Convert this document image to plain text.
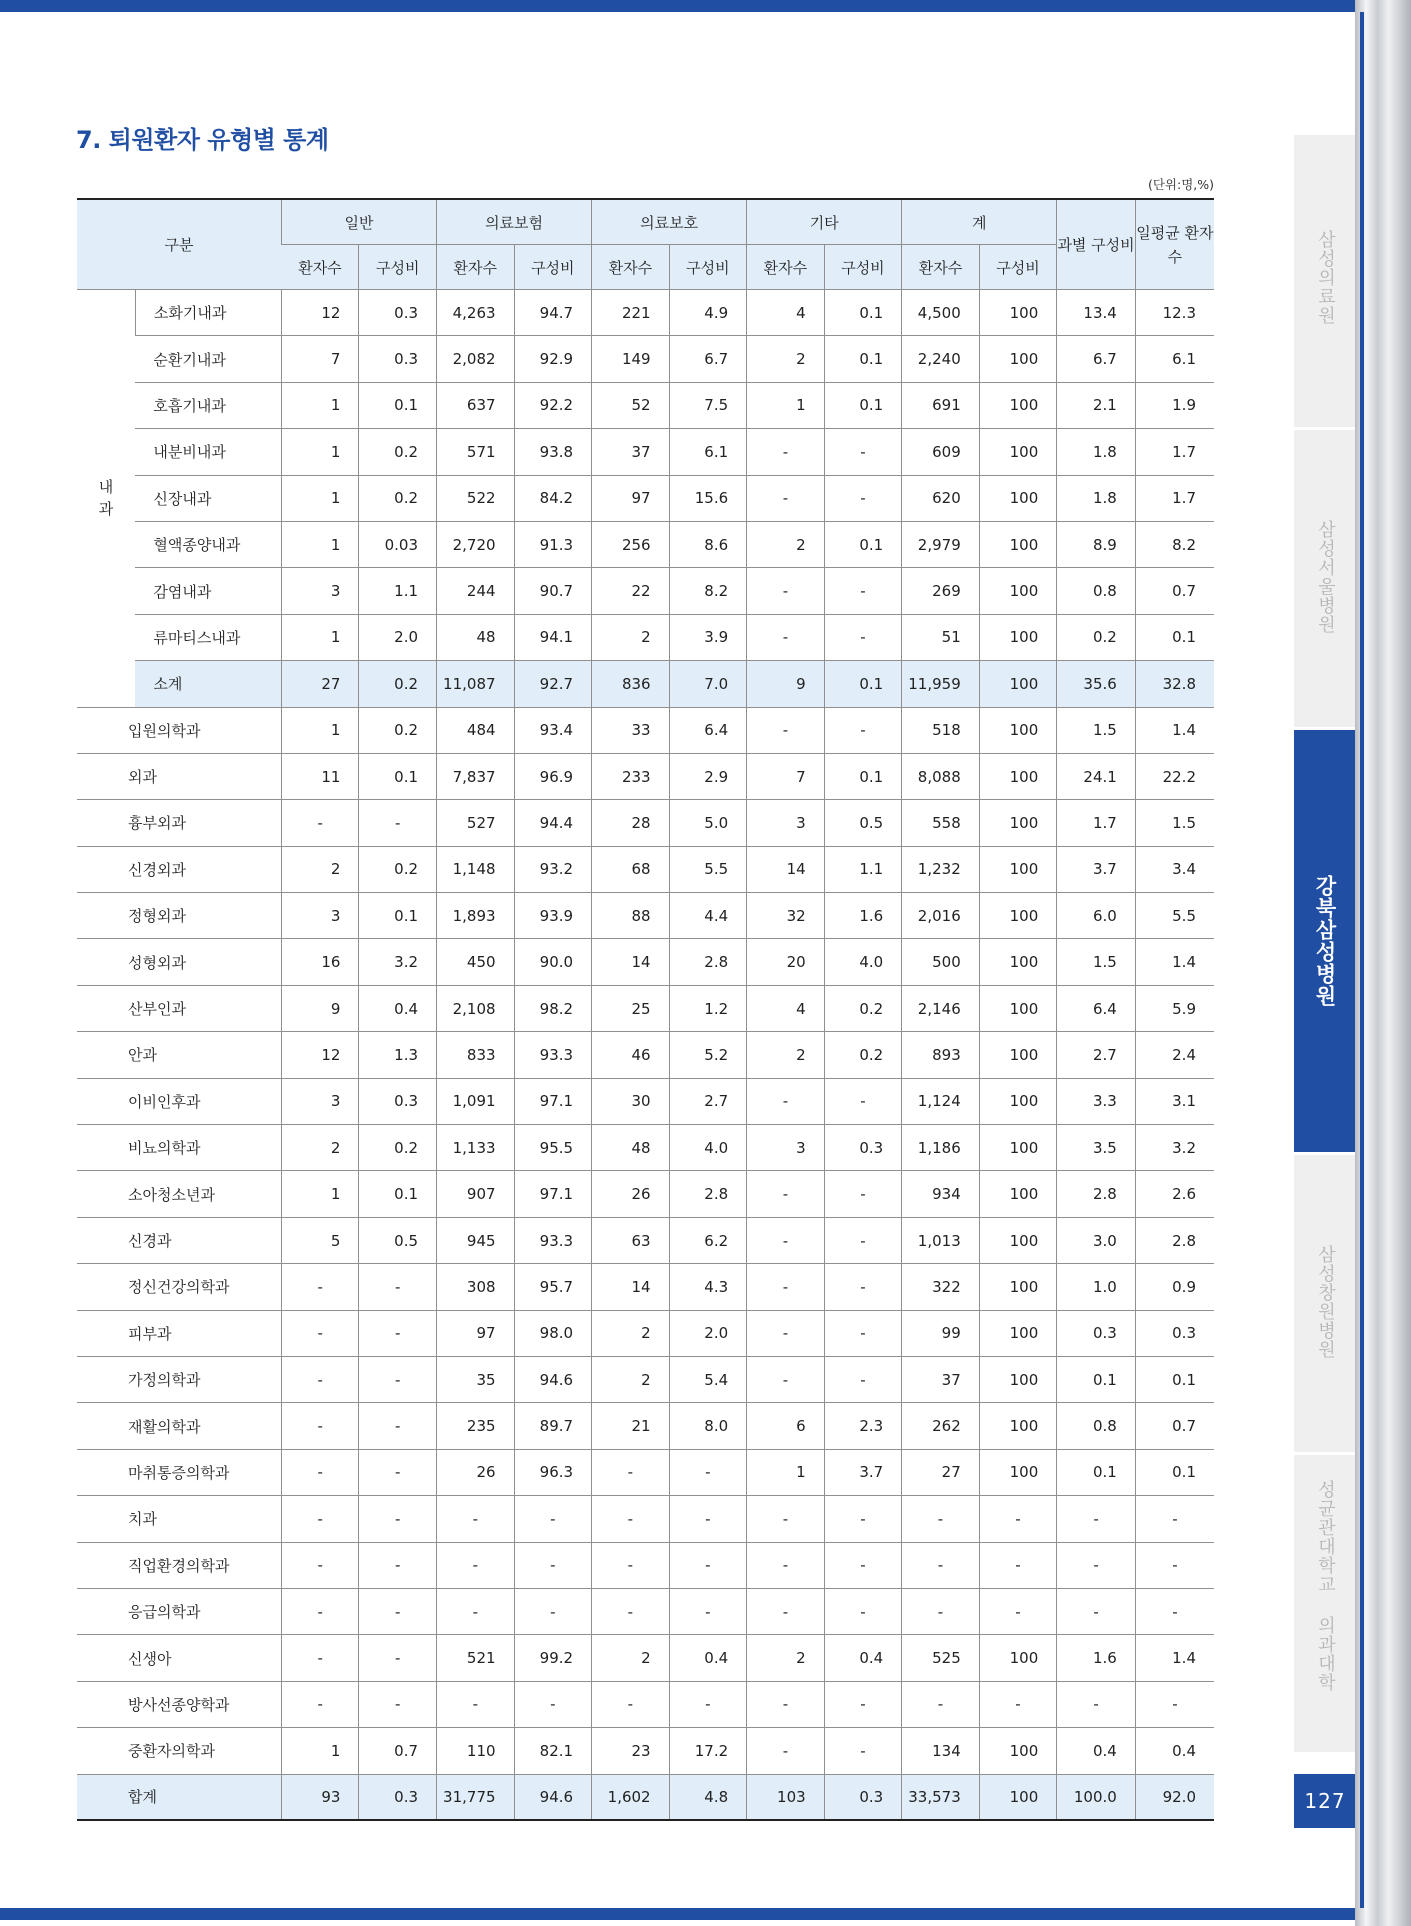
7. 퇴원환자 유형별 통계
(단위:명,%)
구분		일반		의료보험		의료보호		기타		계		과별 구성비	일평균 환자수
		환자수	구성비	환자수	구성비	환자수	구성비	환자수	구성비	환자수	구성비		
내 과	소화기내과	12	0.3	4,263	94.7	221	4.9	4	0.1	4,500	100	13.4	12.3
	순환기내과	7	0.3	2,082	92.9	149	6.7	2	0.1	2,240	100	6.7	6.1
	호흡기내과	1	0.1	637	92.2	52	7.5	1	0.1	691	100	2.1	1.9
	내분비내과	1	0.2	571	93.8	37	6.1	-	-	609	100	1.8	1.7
	신장내과	1	0.2	522	84.2	97	15.6	-	-	620	100	1.8	1.7
	혈액종양내과	1	0.03	2,720	91.3	256	8.6	2	0.1	2,979	100	8.9	8.2
	감염내과	3	1.1	244	90.7	22	8.2	-	-	269	100	0.8	0.7
	류마티스내과	1	2.0	48	94.1	2	3.9	-	-	51	100	0.2	0.1
	소계	27	0.2	11,087	92.7	836	7.0	9	0.1	11,959	100	35.6	32.8
입원의학과		1	0.2	484	93.4	33	6.4	-	-	518	100	1.5	1.4
외과		11	0.1	7,837	96.9	233	2.9	7	0.1	8,088	100	24.1	22.2
흉부외과		-	-	527	94.4	28	5.0	3	0.5	558	100	1.7	1.5
신경외과		2	0.2	1,148	93.2	68	5.5	14	1.1	1,232	100	3.7	3.4
정형외과		3	0.1	1,893	93.9	88	4.4	32	1.6	2,016	100	6.0	5.5
성형외과		16	3.2	450	90.0	14	2.8	20	4.0	500	100	1.5	1.4
산부인과		9	0.4	2,108	98.2	25	1.2	4	0.2	2,146	100	6.4	5.9
안과		12	1.3	833	93.3	46	5.2	2	0.2	893	100	2.7	2.4
이비인후과		3	0.3	1,091	97.1	30	2.7	-	-	1,124	100	3.3	3.1
비뇨의학과		2	0.2	1,133	95.5	48	4.0	3	0.3	1,186	100	3.5	3.2
소아청소년과		1	0.1	907	97.1	26	2.8	-	-	934	100	2.8	2.6
신경과		5	0.5	945	93.3	63	6.2	-	-	1,013	100	3.0	2.8
정신건강의학과		-	-	308	95.7	14	4.3	-	-	322	100	1.0	0.9
피부과		-	-	97	98.0	2	2.0	-	-	99	100	0.3	0.3
가정의학과		-	-	35	94.6	2	5.4	-	-	37	100	0.1	0.1
재활의학과		-	-	235	89.7	21	8.0	6	2.3	262	100	0.8	0.7
마취통증의학과		-	-	26	96.3	-	-	1	3.7	27	100	0.1	0.1
치과		-	-	-	-	-	-	-	-	-	-	-	-
직업환경의학과		-	-	-	-	-	-	-	-	-	-	-	-
응급의학과		-	-	-	-	-	-	-	-	-	-	-	-
신생아		-	-	521	99.2	2	0.4	2	0.4	525	100	1.6	1.4
방사선종양학과		-	-	-	-	-	-	-	-	-	-	-	-
중환자의학과		1	0.7	110	82.1	23	17.2	-	-	134	100	0.4	0.4
합계		93	0.3	31,775	94.6	1,602	4.8	103	0.3	33,573	100	100.0	92.0
삼성의료원
삼성서울병원
강북삼성병원
삼성창원병원
성균관대학교 의과대학
127
